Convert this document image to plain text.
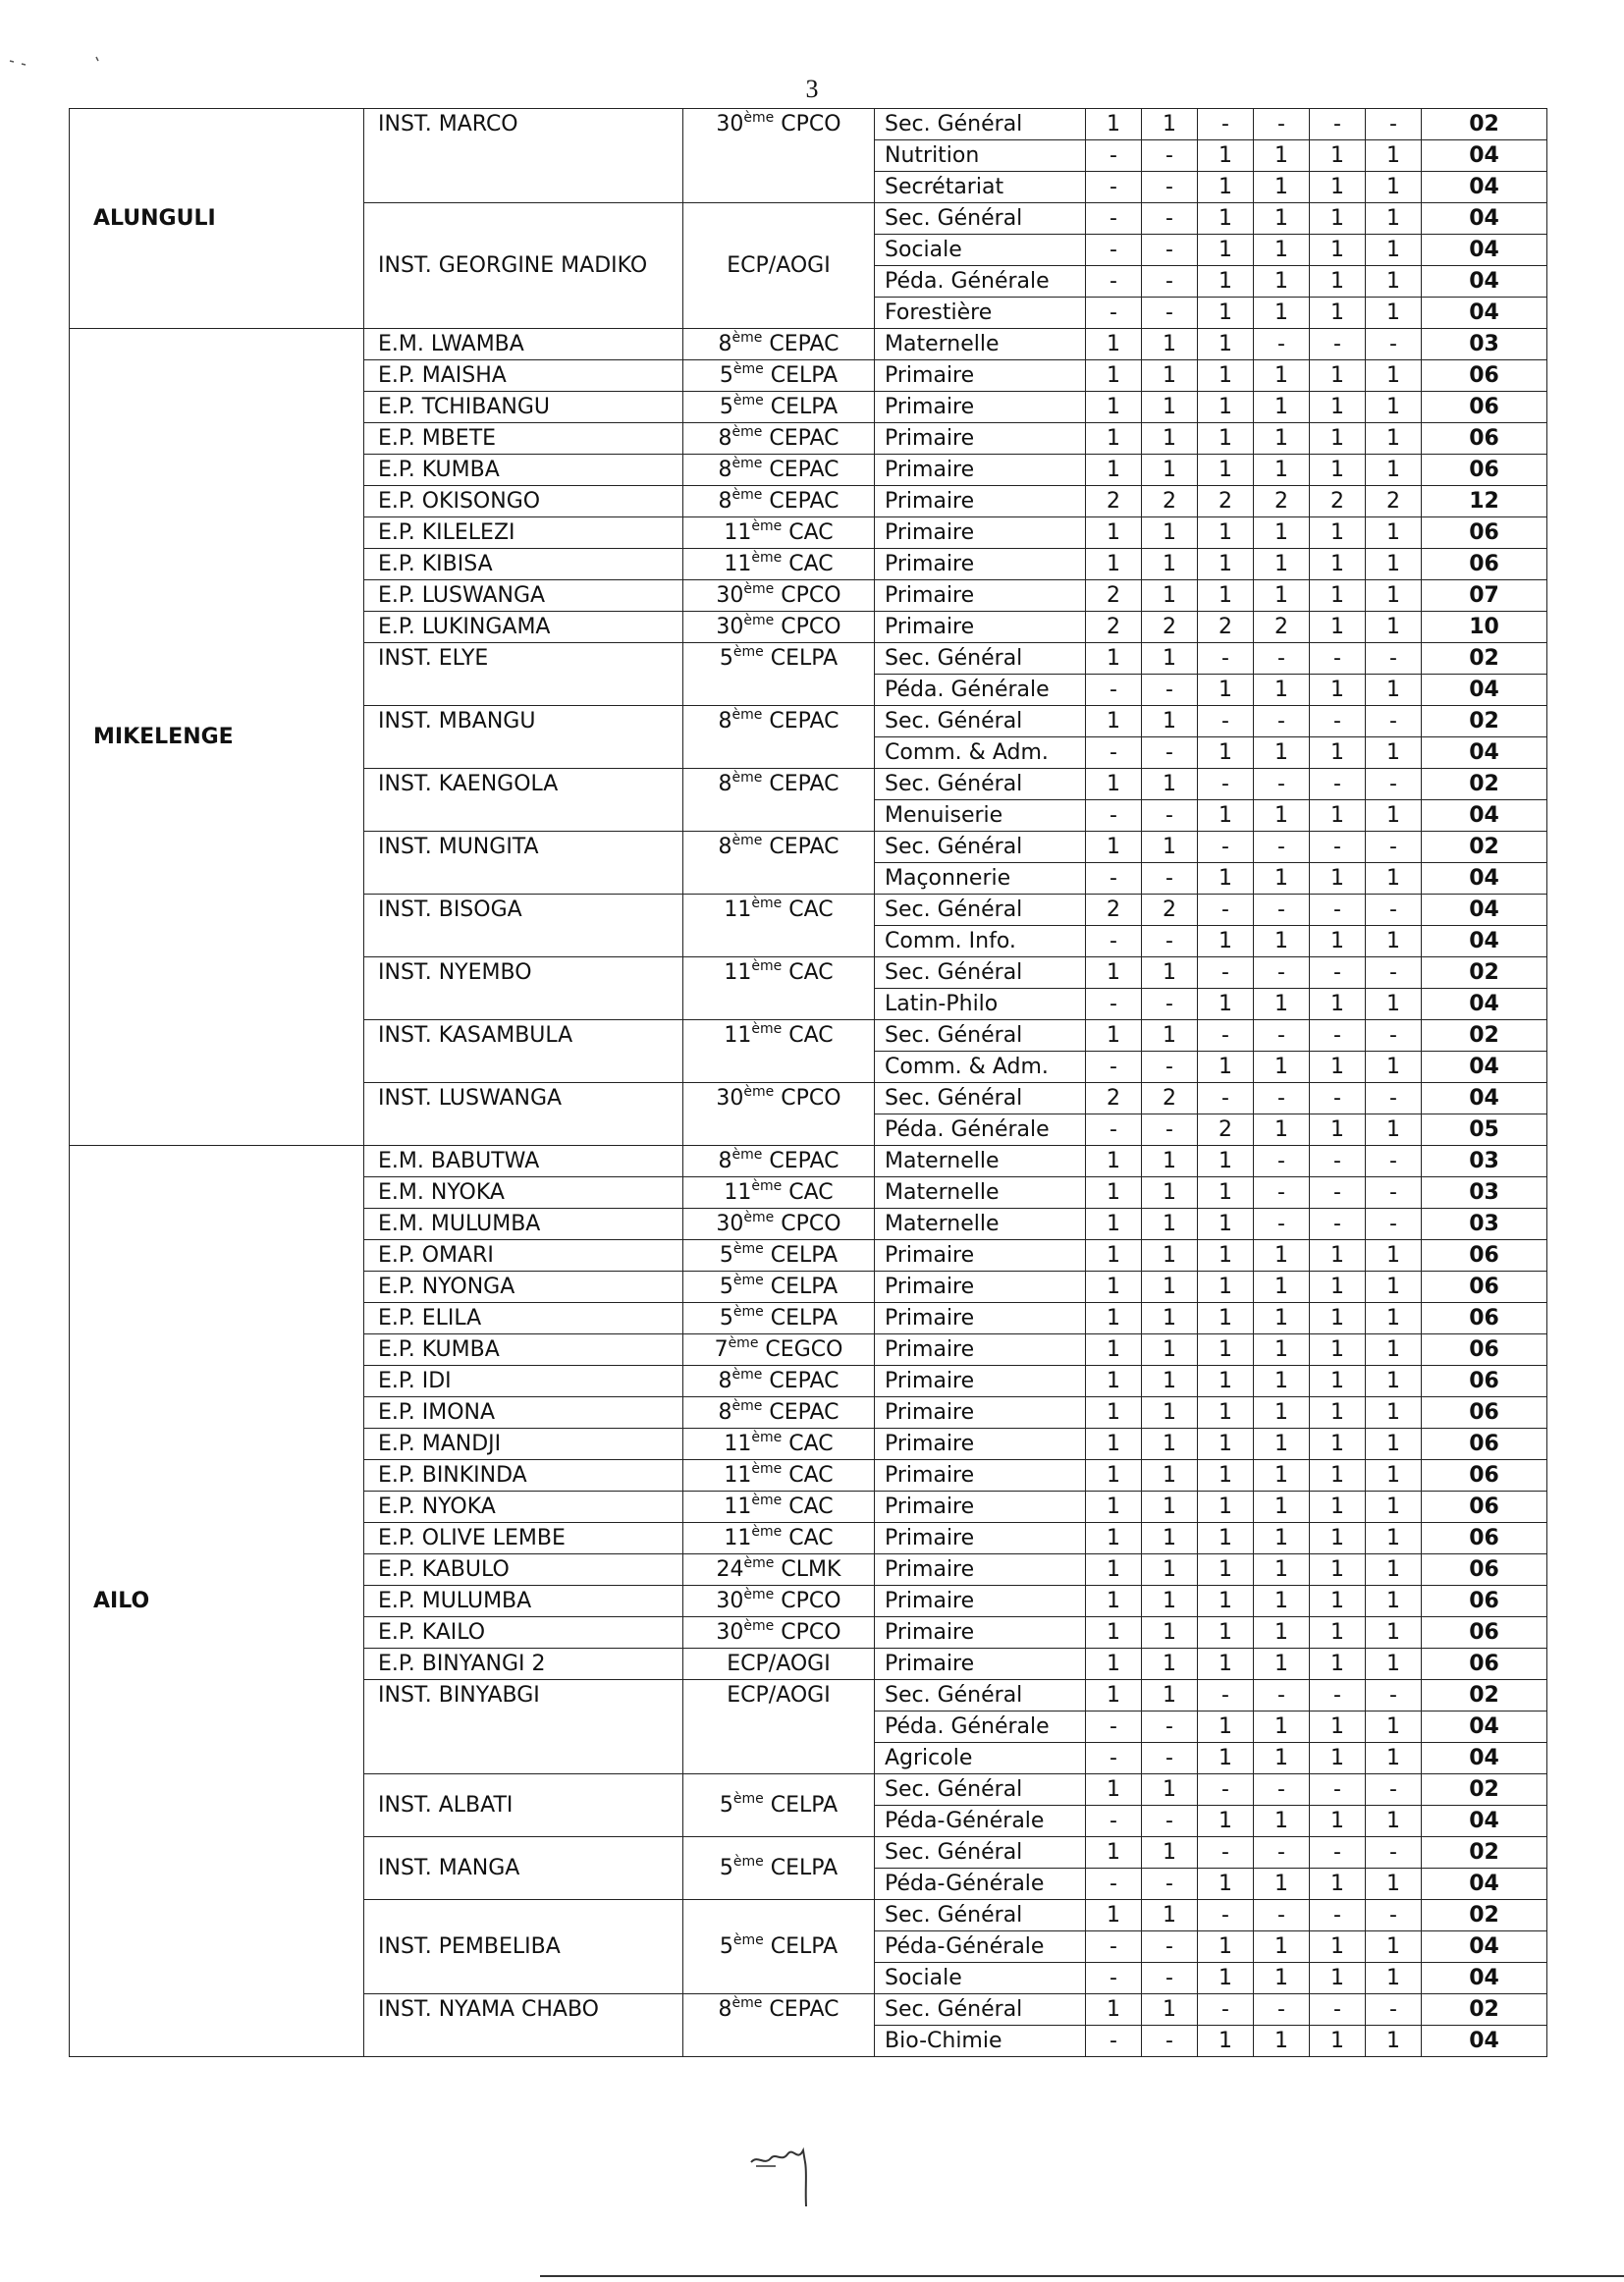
3
ALUNGULI	INST. MARCO	30ème CPCO	Sec. Général	1	1	-	-	-	-	02
			Nutrition	-	-	1	1	1	1	04
			Secrétariat	-	-	1	1	1	1	04
	INST. GEORGINE MADIKO	ECP/AOGI	Sec. Général	-	-	1	1	1	1	04
			Sociale	-	-	1	1	1	1	04
			Péda. Générale	-	-	1	1	1	1	04
			Forestière	-	-	1	1	1	1	04
MIKELENGE	E.M. LWAMBA	8ème CEPAC	Maternelle	1	1	1	-	-	-	03
	E.P. MAISHA	5ème CELPA	Primaire	1	1	1	1	1	1	06
	E.P. TCHIBANGU	5ème CELPA	Primaire	1	1	1	1	1	1	06
	E.P. MBETE	8ème CEPAC	Primaire	1	1	1	1	1	1	06
	E.P. KUMBA	8ème CEPAC	Primaire	1	1	1	1	1	1	06
	E.P. OKISONGO	8ème CEPAC	Primaire	2	2	2	2	2	2	12
	E.P. KILELEZI	11ème CAC	Primaire	1	1	1	1	1	1	06
	E.P. KIBISA	11ème CAC	Primaire	1	1	1	1	1	1	06
	E.P. LUSWANGA	30ème CPCO	Primaire	2	1	1	1	1	1	07
	E.P. LUKINGAMA	30ème CPCO	Primaire	2	2	2	2	1	1	10
	INST. ELYE	5ème CELPA	Sec. Général	1	1	-	-	-	-	02
			Péda. Générale	-	-	1	1	1	1	04
	INST. MBANGU	8ème CEPAC	Sec. Général	1	1	-	-	-	-	02
			Comm. & Adm.	-	-	1	1	1	1	04
	INST. KAENGOLA	8ème CEPAC	Sec. Général	1	1	-	-	-	-	02
			Menuiserie	-	-	1	1	1	1	04
	INST. MUNGITA	8ème CEPAC	Sec. Général	1	1	-	-	-	-	02
			Maçonnerie	-	-	1	1	1	1	04
	INST. BISOGA	11ème CAC	Sec. Général	2	2	-	-	-	-	04
			Comm. Info.	-	-	1	1	1	1	04
	INST. NYEMBO	11ème CAC	Sec. Général	1	1	-	-	-	-	02
			Latin-Philo	-	-	1	1	1	1	04
	INST. KASAMBULA	11ème CAC	Sec. Général	1	1	-	-	-	-	02
			Comm. & Adm.	-	-	1	1	1	1	04
	INST. LUSWANGA	30ème CPCO	Sec. Général	2	2	-	-	-	-	04
			Péda. Générale	-	-	2	1	1	1	05
AILO	E.M. BABUTWA	8ème CEPAC	Maternelle	1	1	1	-	-	-	03
	E.M. NYOKA	11ème CAC	Maternelle	1	1	1	-	-	-	03
	E.M. MULUMBA	30ème CPCO	Maternelle	1	1	1	-	-	-	03
	E.P. OMARI	5ème CELPA	Primaire	1	1	1	1	1	1	06
	E.P. NYONGA	5ème CELPA	Primaire	1	1	1	1	1	1	06
	E.P. ELILA	5ème CELPA	Primaire	1	1	1	1	1	1	06
	E.P. KUMBA	7ème CEGCO	Primaire	1	1	1	1	1	1	06
	E.P. IDI	8ème CEPAC	Primaire	1	1	1	1	1	1	06
	E.P. IMONA	8ème CEPAC	Primaire	1	1	1	1	1	1	06
	E.P. MANDJI	11ème CAC	Primaire	1	1	1	1	1	1	06
	E.P. BINKINDA	11ème CAC	Primaire	1	1	1	1	1	1	06
	E.P. NYOKA	11ème CAC	Primaire	1	1	1	1	1	1	06
	E.P. OLIVE LEMBE	11ème CAC	Primaire	1	1	1	1	1	1	06
	E.P. KABULO	24ème CLMK	Primaire	1	1	1	1	1	1	06
	E.P. MULUMBA	30ème CPCO	Primaire	1	1	1	1	1	1	06
	E.P. KAILO	30ème CPCO	Primaire	1	1	1	1	1	1	06
	E.P. BINYANGI 2	ECP/AOGI	Primaire	1	1	1	1	1	1	06
	INST. BINYABGI	ECP/AOGI	Sec. Général	1	1	-	-	-	-	02
			Péda. Générale	-	-	1	1	1	1	04
			Agricole	-	-	1	1	1	1	04
	INST. ALBATI	5ème CELPA	Sec. Général	1	1	-	-	-	-	02
			Péda-Générale	-	-	1	1	1	1	04
	INST. MANGA	5ème CELPA	Sec. Général	1	1	-	-	-	-	02
			Péda-Générale	-	-	1	1	1	1	04
	INST. PEMBELIBA	5ème CELPA	Sec. Général	1	1	-	-	-	-	02
			Péda-Générale	-	-	1	1	1	1	04
			Sociale	-	-	1	1	1	1	04
	INST. NYAMA CHABO	8ème CEPAC	Sec. Général	1	1	-	-	-	-	02
			Bio-Chimie	-	-	1	1	1	1	04
